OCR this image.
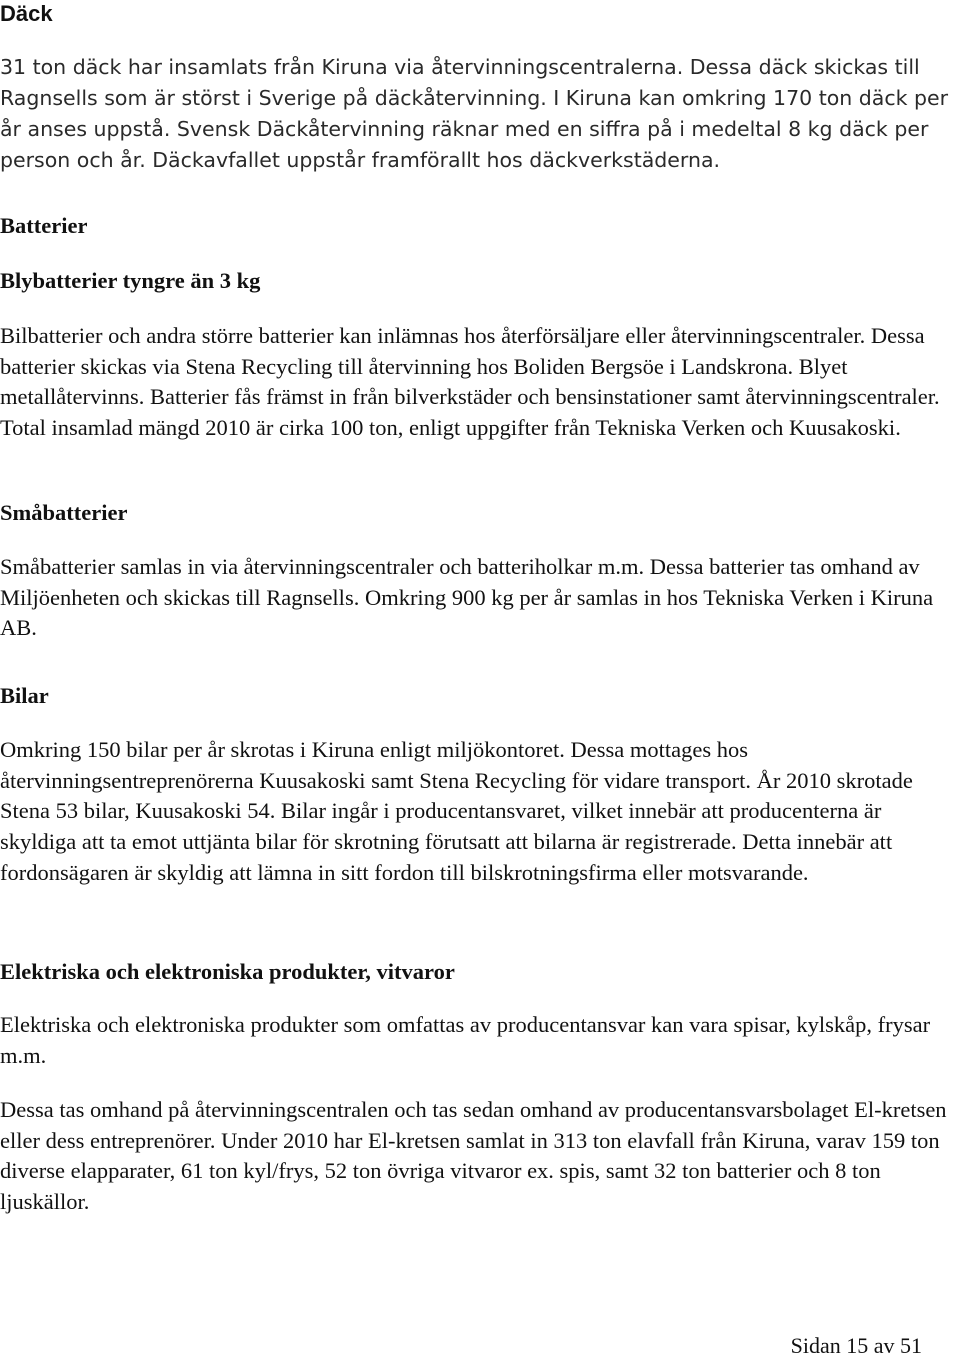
Däck

31 ton däck har insamlats från Kiruna via återvinningscentralerna. Dessa däck skickas till Ragnsells som är störst i Sverige på däckåtervinning. I Kiruna kan omkring 170 ton däck per år anses uppstå. Svensk Däckåtervinning räknar med en siffra på i medeltal 8 kg däck per person och år. Däckavfallet uppstår framförallt hos däckverkstäderna.

Batterier
Blybatterier tyngre än 3 kg

Bilbatterier och andra större batterier kan inlämnas hos återförsäljare eller återvinningscentraler. Dessa batterier skickas via Stena Recycling till återvinning hos Boliden Bergsöe i Landskrona. Blyet metallåtervinns. Batterier fås främst in från bilverkstäder och bensinstationer samt återvinningscentraler. Total insamlad mängd 2010 är cirka 100 ton, enligt uppgifter från Tekniska Verken och Kuusakoski.

Småbatterier

Småbatterier samlas in via återvinningscentraler och batteriholkar m.m. Dessa batterier tas omhand av Miljöenheten och skickas till Ragnsells. Omkring 900 kg per år samlas in hos Tekniska Verken i Kiruna AB.

Bilar

Omkring 150 bilar per år skrotas i Kiruna enligt miljökontoret. Dessa mottages hos återvinningsentreprenörerna Kuusakoski samt Stena Recycling för vidare transport. År 2010 skrotade Stena 53 bilar, Kuusakoski 54. Bilar ingår i producentansvaret, vilket innebär att producenterna är skyldiga att ta emot uttjänta bilar för skrotning förutsatt att bilarna är registrerade. Detta innebär att fordonsägaren är skyldig att lämna in sitt fordon till bilskrotningsfirma eller motsvarande.

Elektriska och elektroniska produkter, vitvaror

Elektriska och elektroniska produkter som omfattas av producentansvar kan vara spisar, kylskåp, frysar m.m.

Dessa tas omhand på återvinningscentralen och tas sedan omhand av producentansvarsbolaget El-kretsen eller dess entreprenörer. Under 2010 har El-kretsen samlat in 313 ton elavfall från Kiruna, varav 159 ton diverse elapparater, 61 ton kyl/frys, 52 ton övriga vitvaror ex. spis, samt 32 ton batterier och 8 ton ljuskällor.

Sidan 15 av 51
